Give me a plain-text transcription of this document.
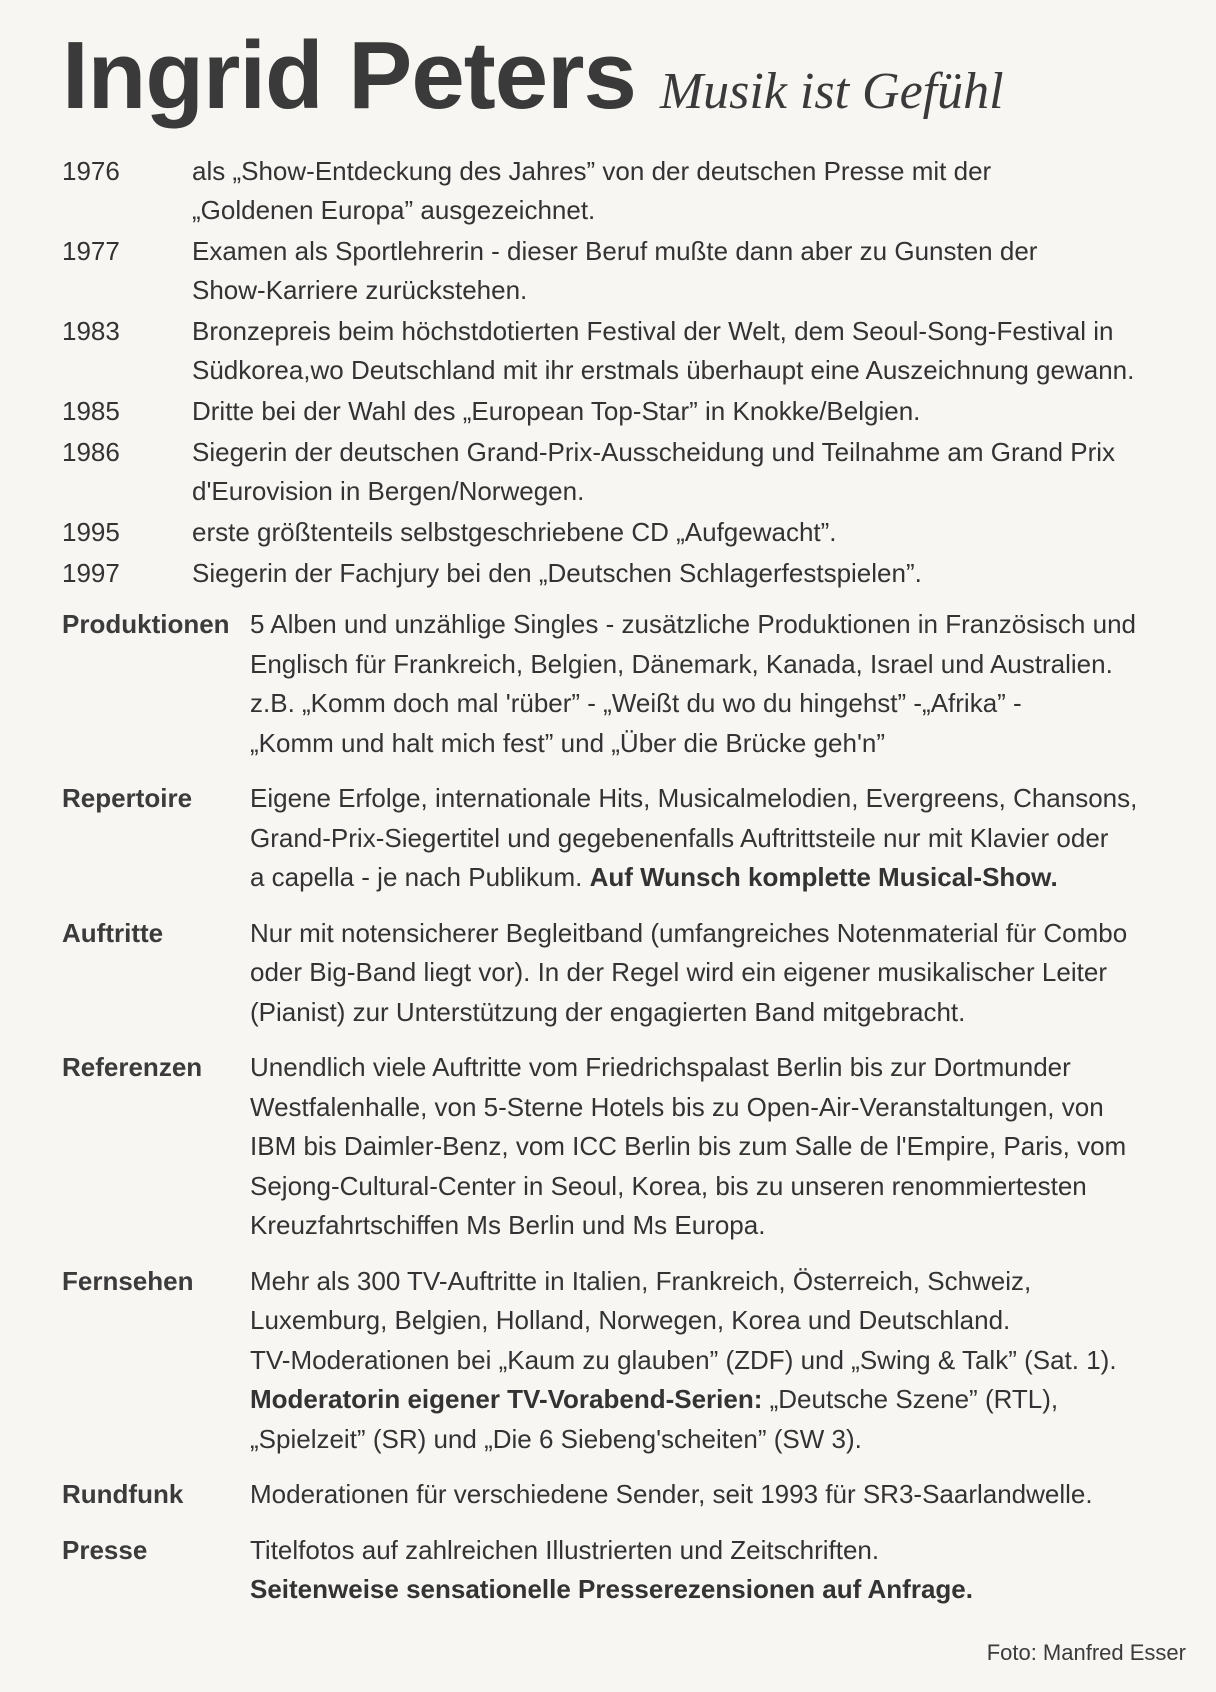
Ingrid Peters Musik ist Gefühl
1976	als „Show-Entdeckung des Jahres” von der deutschen Presse mit der
„Goldenen Europa” ausgezeichnet.
1977	Examen als Sportlehrerin - dieser Beruf mußte dann aber zu Gunsten der
Show-Karriere zurückstehen.
1983	Bronzepreis beim höchstdotierten Festival der Welt, dem Seoul-Song-Festival in
Südkorea,wo Deutschland mit ihr erstmals überhaupt eine Auszeichnung gewann.
1985	Dritte bei der Wahl des „European Top-Star” in Knokke/Belgien.
1986	Siegerin der deutschen Grand-Prix-Ausscheidung und Teilnahme am Grand Prix
d'Eurovision in Bergen/Norwegen.
1995	erste größtenteils selbstgeschriebene CD „Aufgewacht”.
1997	Siegerin der Fachjury bei den „Deutschen Schlagerfestspielen”.
Produktionen 5 Alben und unzählige Singles - zusätzliche Produktionen in Französisch und
Englisch für Frankreich, Belgien, Dänemark, Kanada, Israel und Australien.
z.B. „Komm doch mal 'rüber” - „Weißt du wo du hingehst” -„Afrika” -
„Komm und halt mich fest” und „Über die Brücke geh'n”
Repertoire	Eigene Erfolge, internationale Hits, Musicalmelodien, Evergreens, Chansons,
Grand-Prix-Siegertitel und gegebenenfalls Auftrittsteile nur mit Klavier oder
a capella - je nach Publikum. Auf Wunsch komplette Musical-Show.
Auftritte	Nur mit notensicherer Begleitband (umfangreiches Notenmaterial für Combo
oder Big-Band liegt vor). In der Regel wird ein eigener musikalischer Leiter
(Pianist) zur Unterstützung der engagierten Band mitgebracht.
Referenzen	Unendlich viele Auftritte vom Friedrichspalast Berlin bis zur Dortmunder
Westfalenhalle, von 5-Sterne Hotels bis zu Open-Air-Veranstaltungen, von
IBM bis Daimler-Benz, vom ICC Berlin bis zum Salle de l'Empire, Paris, vom
Sejong-Cultural-Center in Seoul, Korea, bis zu unseren renommiertesten
Kreuzfahrtschiffen Ms Berlin und Ms Europa.
Fernsehen	Mehr als 300 TV-Auftritte in Italien, Frankreich, Österreich, Schweiz,
Luxemburg, Belgien, Holland, Norwegen, Korea und Deutschland.
TV-Moderationen bei „Kaum zu glauben” (ZDF) und „Swing & Talk” (Sat. 1).
Moderatorin eigener TV-Vorabend-Serien: „Deutsche Szene” (RTL),
„Spielzeit” (SR) und „Die 6 Siebeng'scheiten” (SW 3).
Rundfunk	Moderationen für verschiedene Sender, seit 1993 für SR3-Saarlandwelle.
Presse	Titelfotos auf zahlreichen Illustrierten und Zeitschriften.
Seitenweise sensationelle Presserezensionen auf Anfrage.
Foto: Manfred Esser
